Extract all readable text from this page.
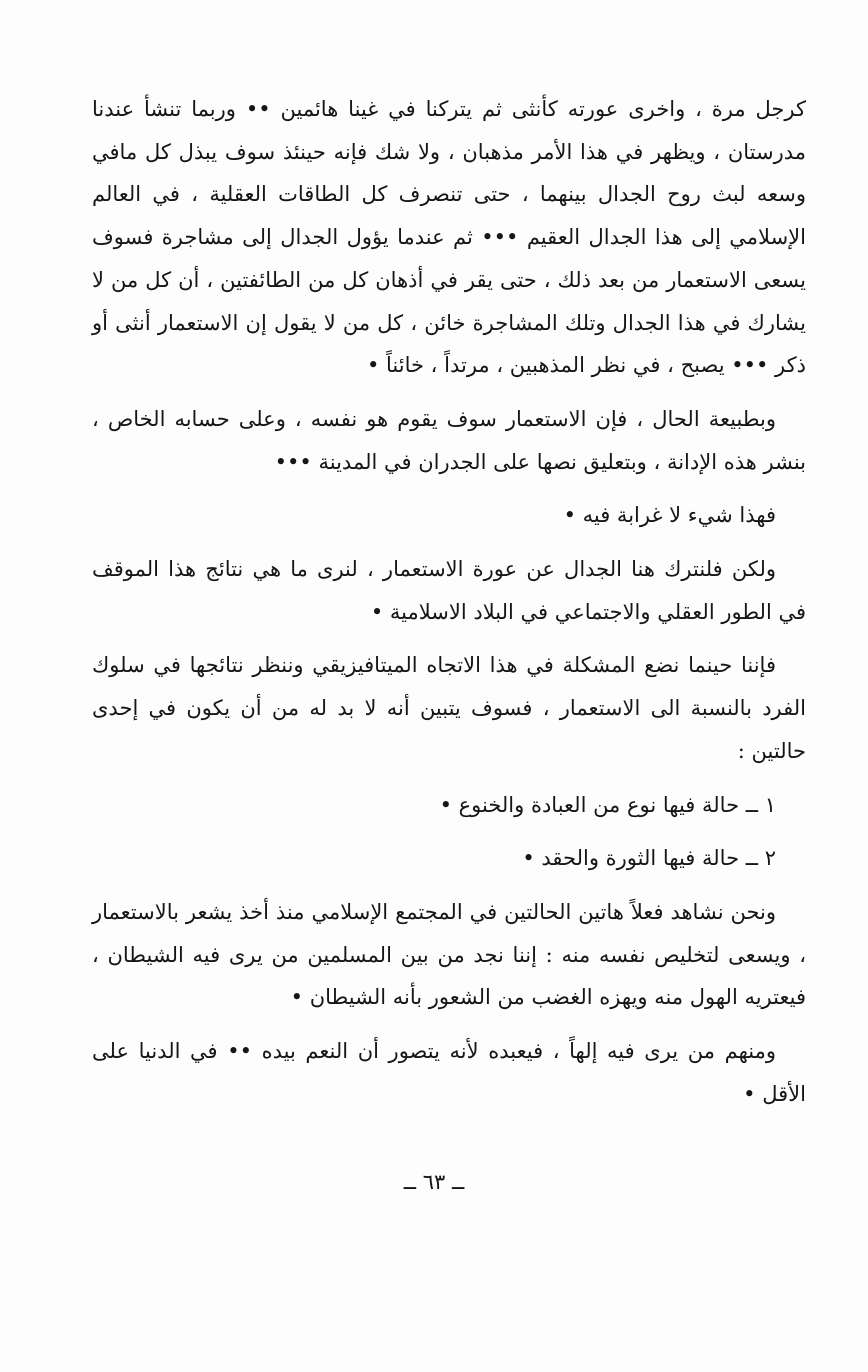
كرجل مرة ، واخرى عورته كأنثى ثم يتركنا في غينا هائمين •• وربما تنشأ عندنا مدرستان ، ويظهر في هذا الأمر مذهبان ، ولا شك فإنه حينئذ سوف يبذل كل مافي وسعه لبث روح الجدال بينهما ، حتى تنصرف كل الطاقات العقلية ، في العالم الإسلامي إلى هذا الجدال العقيم ••• ثم عندما يؤول الجدال إلى مشاجرة فسوف يسعى الاستعمار من بعد ذلك ، حتى يقر في أذهان كل من الطائفتين ، أن كل من لا يشارك في هذا الجدال وتلك المشاجرة خائن ، كل من لا يقول إن الاستعمار أنثى أو ذكر ••• يصبح ، في نظر المذهبين ، مرتداً ، خائناً •

وبطبيعة الحال ، فإن الاستعمار سوف يقوم هو نفسه ، وعلى حسابه الخاص ، بنشر هذه الإدانة ، وبتعليق نصها على الجدران في المدينة •••

فهذا شيء لا غرابة فيه •

ولكن فلنترك هنا الجدال عن عورة الاستعمار ، لنرى ما هي نتائج هذا الموقف في الطور العقلي والاجتماعي في البلاد الاسلامية •

فإننا حينما نضع المشكلة في هذا الاتجاه الميتافيزيقي وننظر نتائجها في سلوك الفرد بالنسبة الى الاستعمار ، فسوف يتبين أنه لا بد له من أن يكون في إحدى حالتين :

١ ــ حالة فيها نوع من العبادة والخنوع •

٢ ــ حالة فيها الثورة والحقد •

ونحن نشاهد فعلاً هاتين الحالتين في المجتمع الإسلامي منذ أخذ يشعر بالاستعمار ، ويسعى لتخليص نفسه منه : إننا نجد من بين المسلمين من يرى فيه الشيطان ، فيعتريه الهول منه ويهزه الغضب من الشعور بأنه الشيطان •

ومنهم من يرى فيه إلهاً ، فيعبده لأنه يتصور أن النعم بيده •• في الدنيا على الأقل •

ــ ٦٣ ــ
